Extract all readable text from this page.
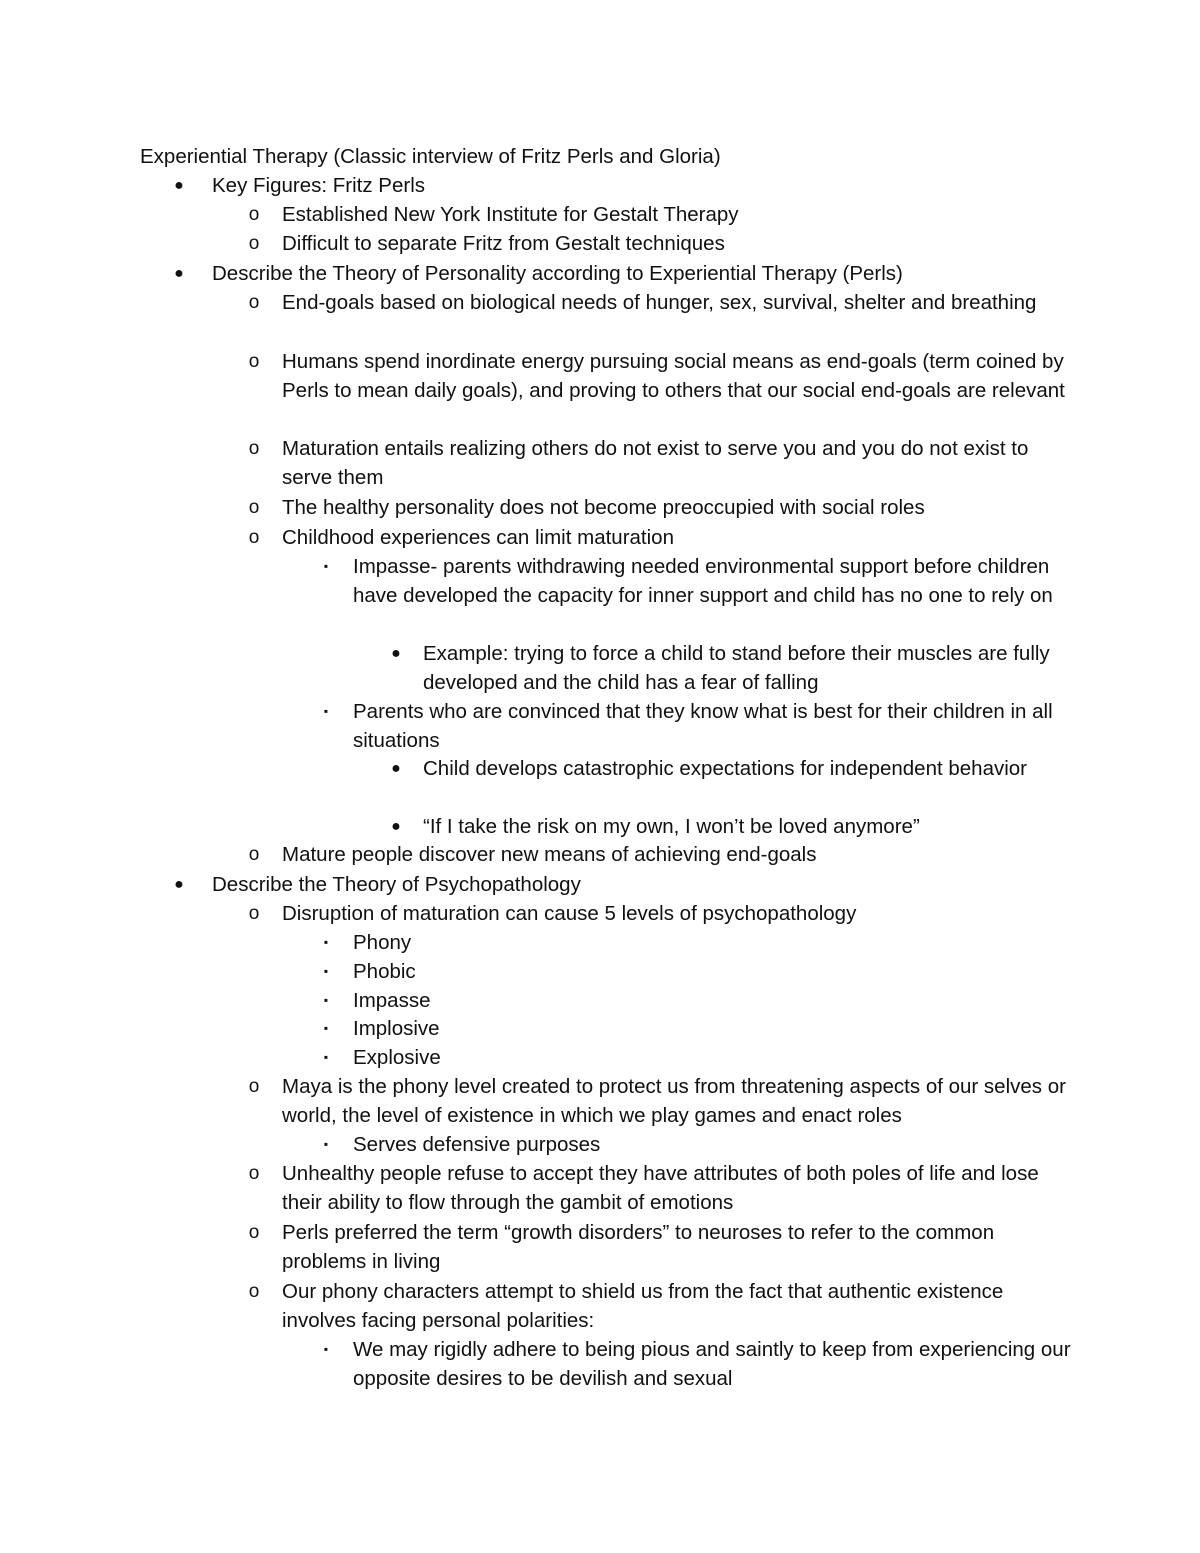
Experiential Therapy (Classic interview of Fritz Perls and Gloria)
● Key Figures: Fritz Perls
o Established New York Institute for Gestalt Therapy
o Difficult to separate Fritz from Gestalt techniques
● Describe the Theory of Personality according to Experiential Therapy (Perls)
o End-goals based on biological needs of hunger, sex, survival, shelter and breathing
o Humans spend inordinate energy pursuing social means as end-goals (term coined by Perls to mean daily goals), and proving to others that our social end-goals are relevant
o Maturation entails realizing others do not exist to serve you and you do not exist to serve them
o The healthy personality does not become preoccupied with social roles
o Childhood experiences can limit maturation
▪ Impasse- parents withdrawing needed environmental support before children have developed the capacity for inner support and child has no one to rely on
● Example: trying to force a child to stand before their muscles are fully developed and the child has a fear of falling
▪ Parents who are convinced that they know what is best for their children in all situations
● Child develops catastrophic expectations for independent behavior
● “If I take the risk on my own, I won’t be loved anymore”
o Mature people discover new means of achieving end-goals
● Describe the Theory of Psychopathology
o Disruption of maturation can cause 5 levels of psychopathology
▪ Phony
▪ Phobic
▪ Impasse
▪ Implosive
▪ Explosive
o Maya is the phony level created to protect us from threatening aspects of our selves or world, the level of existence in which we play games and enact roles
▪ Serves defensive purposes
o Unhealthy people refuse to accept they have attributes of both poles of life and lose their ability to flow through the gambit of emotions
o Perls preferred the term “growth disorders” to neuroses to refer to the common problems in living
o Our phony characters attempt to shield us from the fact that authentic existence involves facing personal polarities:
▪ We may rigidly adhere to being pious and saintly to keep from experiencing our opposite desires to be devilish and sexual
